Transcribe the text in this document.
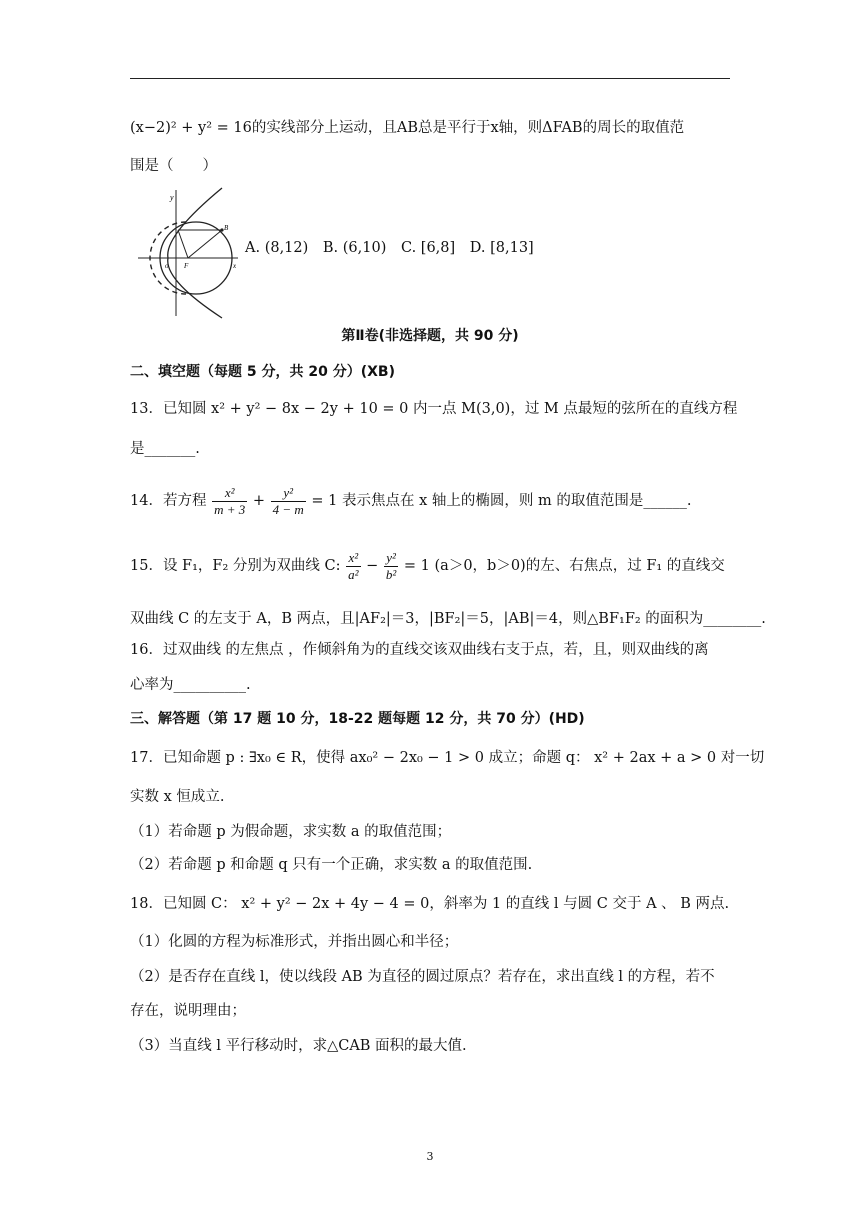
(x−2)² + y² = 16的实线部分上运动，且AB总是平行于x轴，则ΔFAB的周长的取值范
围是（　　）
y
o F
B
x
A. (8,12) B. (6,10) C. [6,8] D. [8,13]
第Ⅱ卷(非选择题，共 90 分)
二、填空题（每题 5 分，共 20 分）(XB)
13．已知圆 x² + y² − 8x − 2y + 10 = 0 内一点 M(3,0)，过 M 点最短的弦所在的直线方程
是_______.
14．若方程 $\frac{\text{x²}}{m + 3} + \frac{\text{y²}}{4 - m} = 1$ 表示焦点在 x 轴上的椭圆，则 m 的取值范围是______.
15．设 F₁，F₂ 分别为双曲线 C: $\frac{\text{x²}}{\text{a²}} - \frac{\text{y²}}{\text{b²}} = 1$ (a＞0，b＞0)的左、右焦点，过 F₁ 的直线交
双曲线 C 的左支于 A，B 两点，且|AF₂|＝3，|BF₂|＝5，|AB|＝4，则△BF₁F₂ 的面积为________.
16．过双曲线 的左焦点 ，作倾斜角为的直线交该双曲线右支于点，若，且，则双曲线的离
心率为__________.
三、解答题（第 17 题 10 分，18-22 题每题 12 分，共 70 分）(HD)
17．已知命题 p : ∃x₀ ∈ R，使得 ax₀² − 2x₀ − 1 > 0 成立；命题 q： x² + 2ax + a > 0 对一切
实数 x 恒成立.
（1）若命题 p 为假命题，求实数 a 的取值范围；
（2）若命题 p 和命题 q 只有一个正确，求实数 a 的取值范围.
18．已知圆 C： x² + y² − 2x + 4y − 4 = 0，斜率为 1 的直线 l 与圆 C 交于 A 、 B 两点.
（1）化圆的方程为标准形式，并指出圆心和半径；
（2）是否存在直线 l，使以线段 AB 为直径的圆过原点？若存在，求出直线 l 的方程，若不
存在，说明理由；
（3）当直线 l 平行移动时，求△CAB 面积的最大值.
3
